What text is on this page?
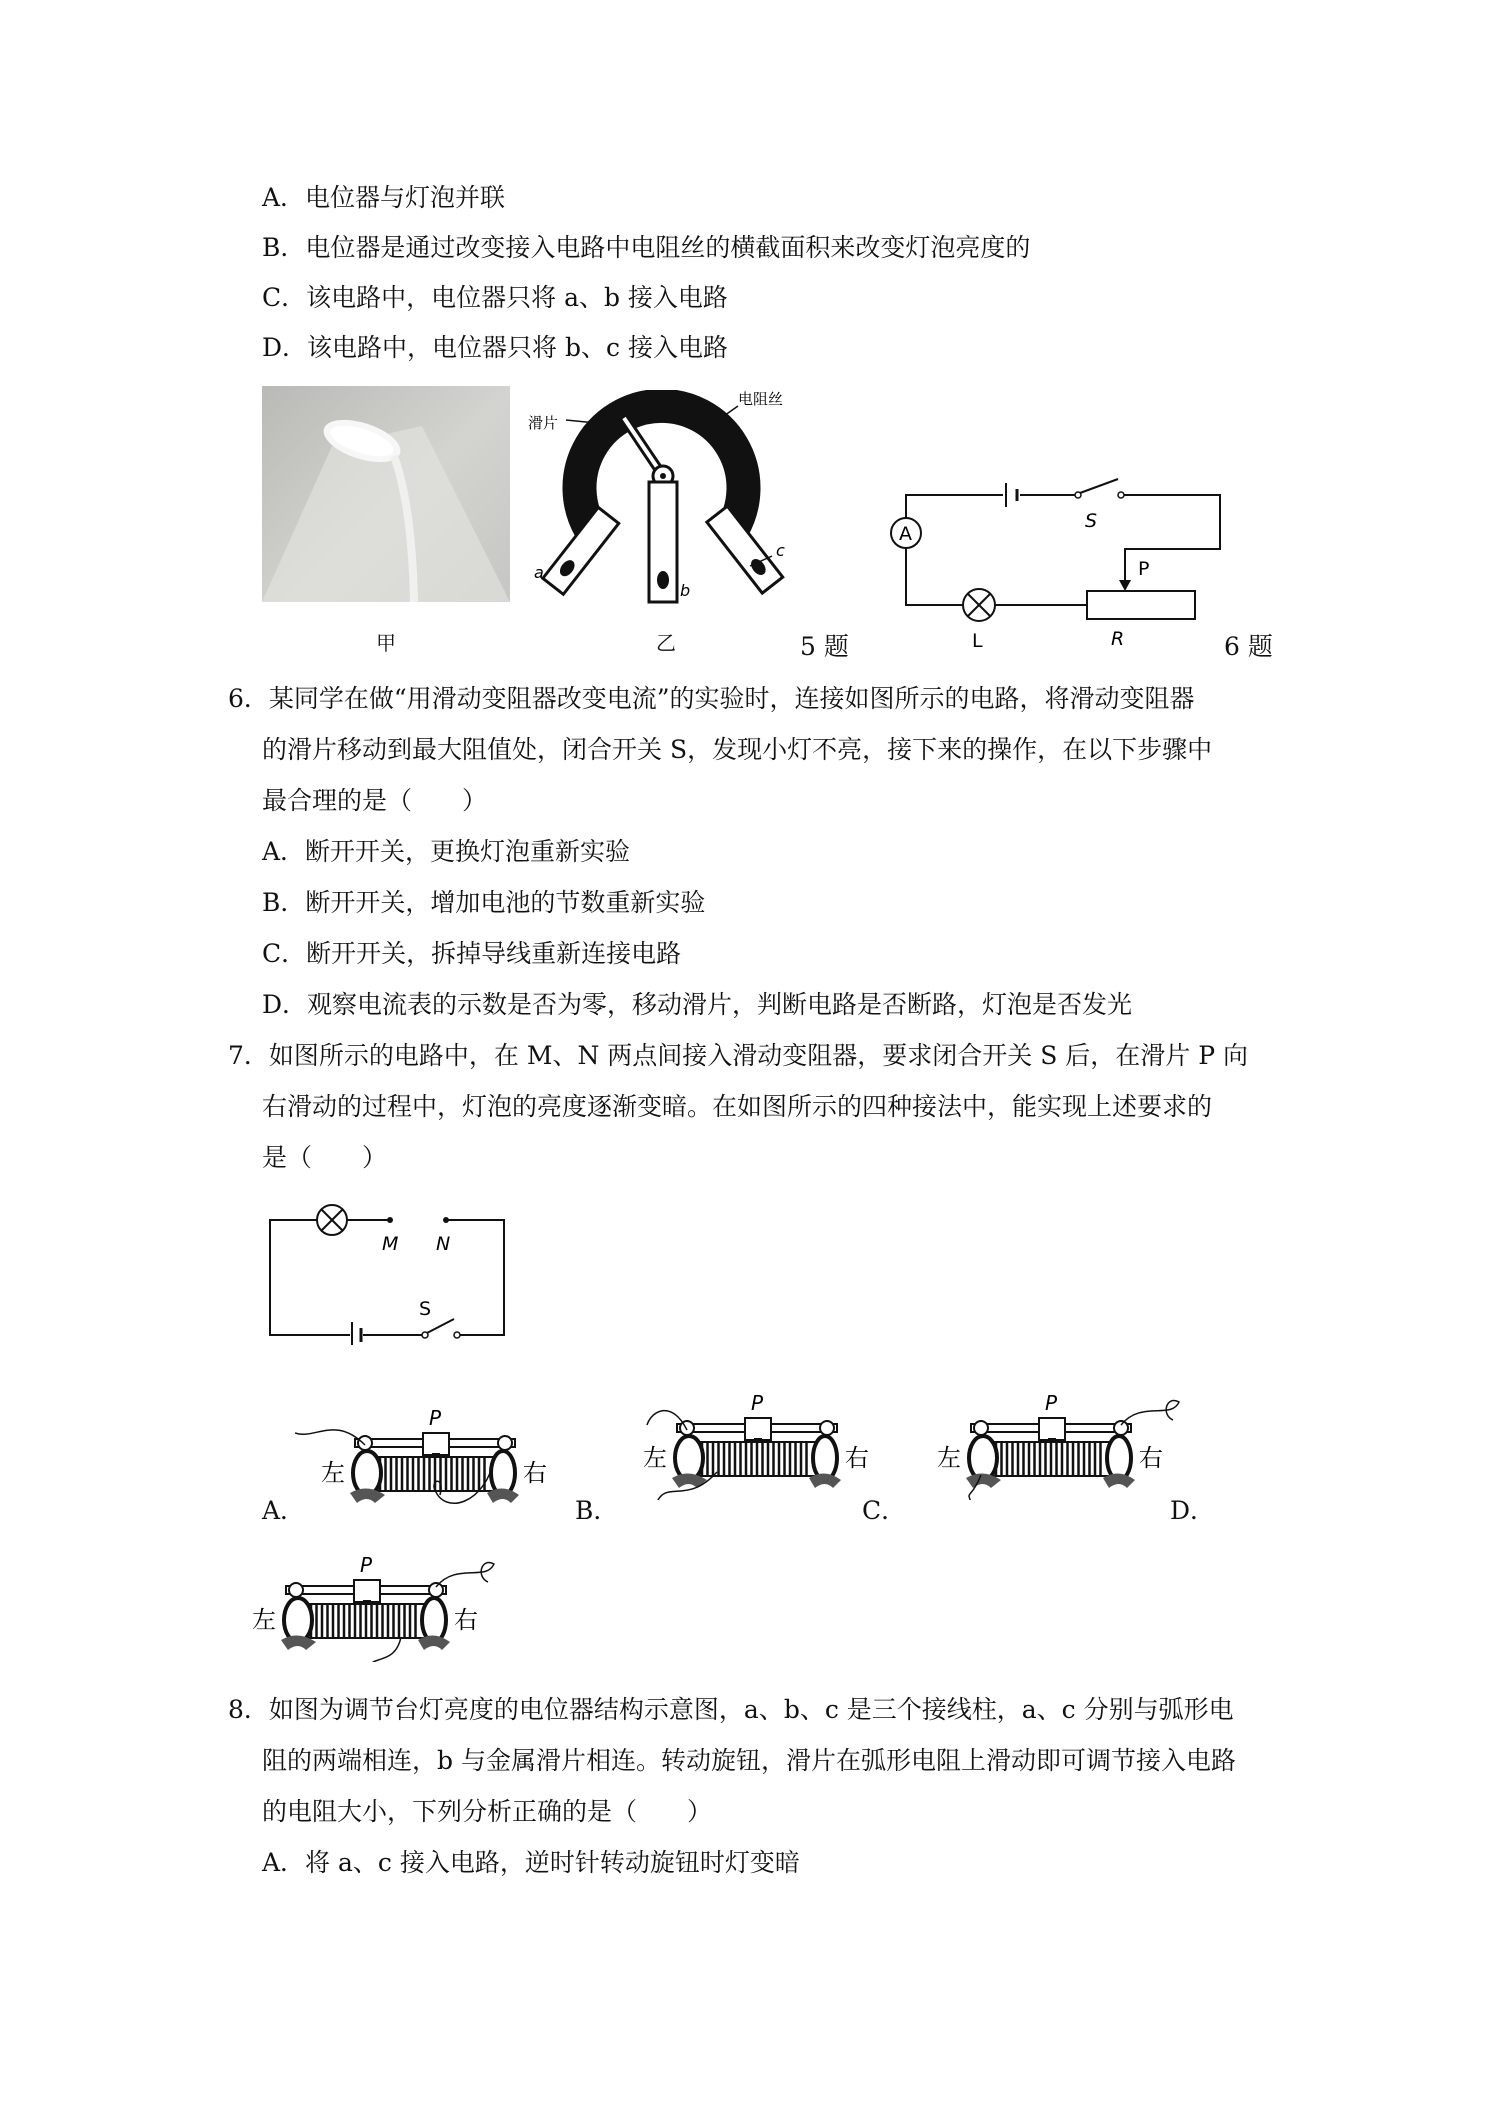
A．电位器与灯泡并联
B．电位器是通过改变接入电路中电阻丝的横截面积来改变灯泡亮度的
C．该电路中，电位器只将 a、b 接入电路
D．该电路中，电位器只将 b、c 接入电路
甲
滑片
电阻丝
a
b
c
乙	5 题
A
S
P
L	R	6 题
6．某同学在做“用滑动变阻器改变电流”的实验时，连接如图所示的电路，将滑动变阻器
的滑片移动到最大阻值处，闭合开关 S，发现小灯不亮，接下来的操作，在以下步骤中
最合理的是（　　）
A．断开开关，更换灯泡重新实验
B．断开开关，增加电池的节数重新实验
C．断开开关，拆掉导线重新连接电路
D．观察电流表的示数是否为零，移动滑片，判断电路是否断路，灯泡是否发光
7．如图所示的电路中，在 M、N 两点间接入滑动变阻器，要求闭合开关 S 后，在滑片 P 向
右滑动的过程中，灯泡的亮度逐渐变暗。在如图所示的四种接法中，能实现上述要求的
是（　　）
M N
S
P
左	右
P
左	右
P
左	右
P
左	右
A．	B．	C．	D．
8．如图为调节台灯亮度的电位器结构示意图，a、b、c 是三个接线柱，a、c 分别与弧形电
阻的两端相连，b 与金属滑片相连。转动旋钮，滑片在弧形电阻上滑动即可调节接入电路
的电阻大小，下列分析正确的是（　　）
A．将 a、c 接入电路，逆时针转动旋钮时灯变暗
